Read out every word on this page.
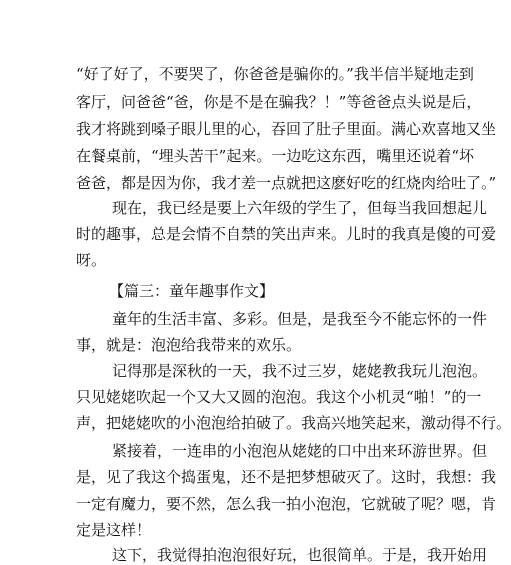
“好了好了，不要哭了，你爸爸是骗你的。”我半信半疑地走到
客厅，问爸爸“爸，你是不是在骗我？！”等爸爸点头说是后，
我才将跳到嗓子眼儿里的心，吞回了肚子里面。满心欢喜地又坐
在餐桌前，“埋头苦干”起来。一边吃这东西，嘴里还说着“坏
爸爸，都是因为你，我才差一点就把这麽好吃的红烧肉给吐了。”
现在，我已经是要上六年级的学生了，但每当我回想起儿
时的趣事，总是会情不自禁的笑出声来。儿时的我真是傻的可爱
呀。
【篇三：童年趣事作文】
童年的生活丰富、多彩。但是，是我至今不能忘怀的一件
事，就是：泡泡给我带来的欢乐。
记得那是深秋的一天，我不过三岁，姥姥教我玩儿泡泡。
只见姥姥吹起一个又大又圆的泡泡。我这个小机灵“啪！”的一
声，把姥姥吹的小泡泡给拍破了。我高兴地笑起来，激动得不行。
紧接着，一连串的小泡泡从姥姥的口中出来环游世界。但
是，见了我这个捣蛋鬼，还不是把梦想破灭了。这时，我想：我
一定有魔力，要不然，怎么我一拍小泡泡，它就破了呢？嗯，肯
定是这样！
这下，我觉得拍泡泡很好玩，也很简单。于是，我开始用
